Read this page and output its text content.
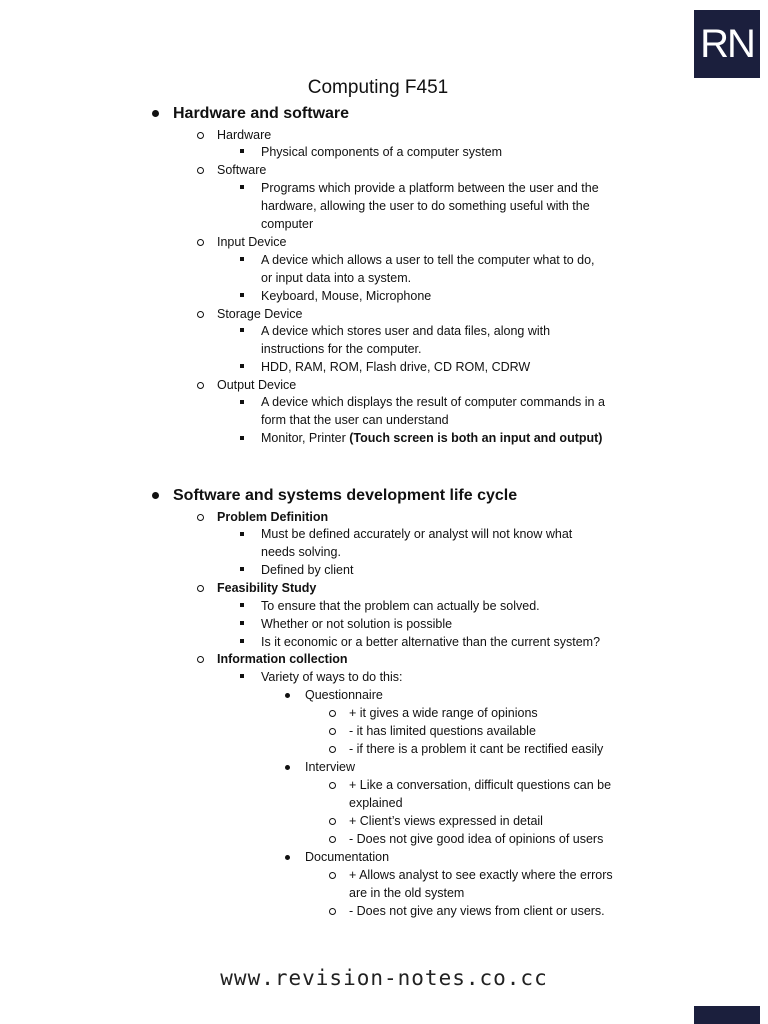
RN
Computing F451
Hardware and software
Hardware
Physical components of a computer system
Software
Programs which provide a platform between the user and the
hardware, allowing the user to do something useful with the
computer
Input Device
A device which allows a user to tell the computer what to do,
or input data into a system.
Keyboard, Mouse, Microphone
Storage Device
A device which stores user and data files, along with
instructions for the computer.
HDD, RAM, ROM, Flash drive, CD ROM, CDRW
Output Device
A device which displays the result of computer commands in a
form that the user can understand
Monitor, Printer (Touch screen is both an input and output)
Software and systems development life cycle
Problem Definition
Must be defined accurately or analyst will not know what
needs solving.
Defined by client
Feasibility Study
To ensure that the problem can actually be solved.
Whether or not solution is possible
Is it economic or a better alternative than the current system?
Information collection
Variety of ways to do this:
Questionnaire
+ it gives a wide range of opinions
- it has limited questions available
- if there is a problem it cant be rectified easily
Interview
+ Like a conversation, difficult questions can be
explained
+ Client’s views expressed in detail
- Does not give good idea of opinions of users
Documentation
+ Allows analyst to see exactly where the errors
are in the old system
- Does not give any views from client or users.
www.revision-notes.co.cc
